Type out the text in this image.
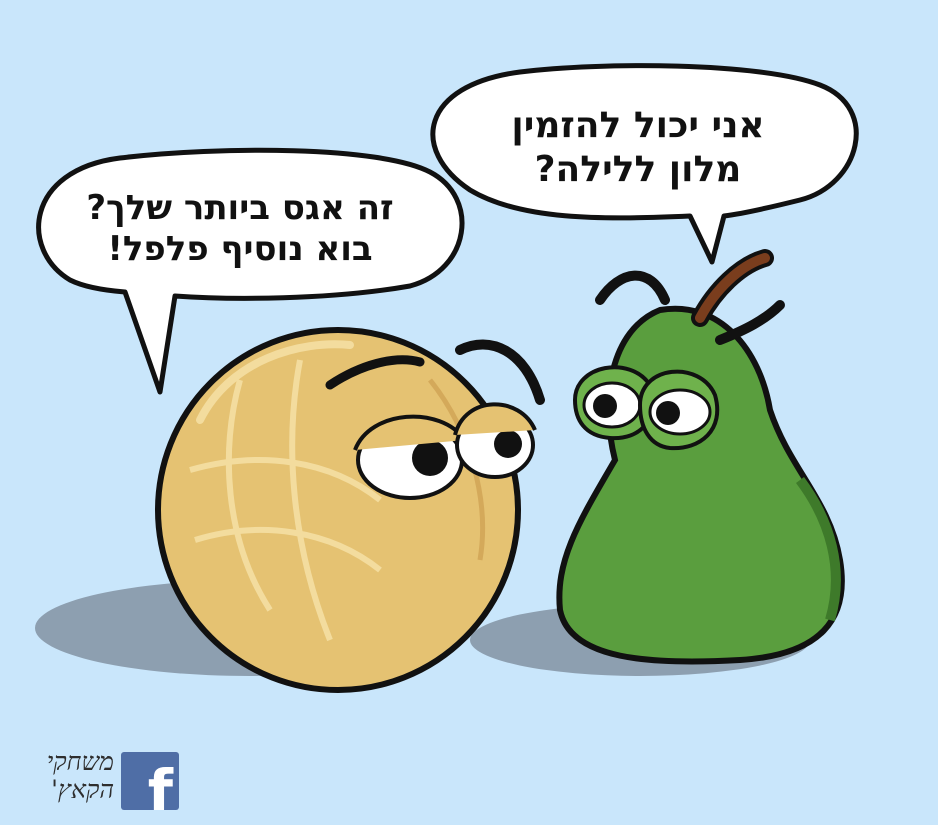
אני יכול להזמין
מלון ללילה?

זה אגס ביותר שלך?
בוא נוסיף פלפל!

משחקי
הקאץ' f
